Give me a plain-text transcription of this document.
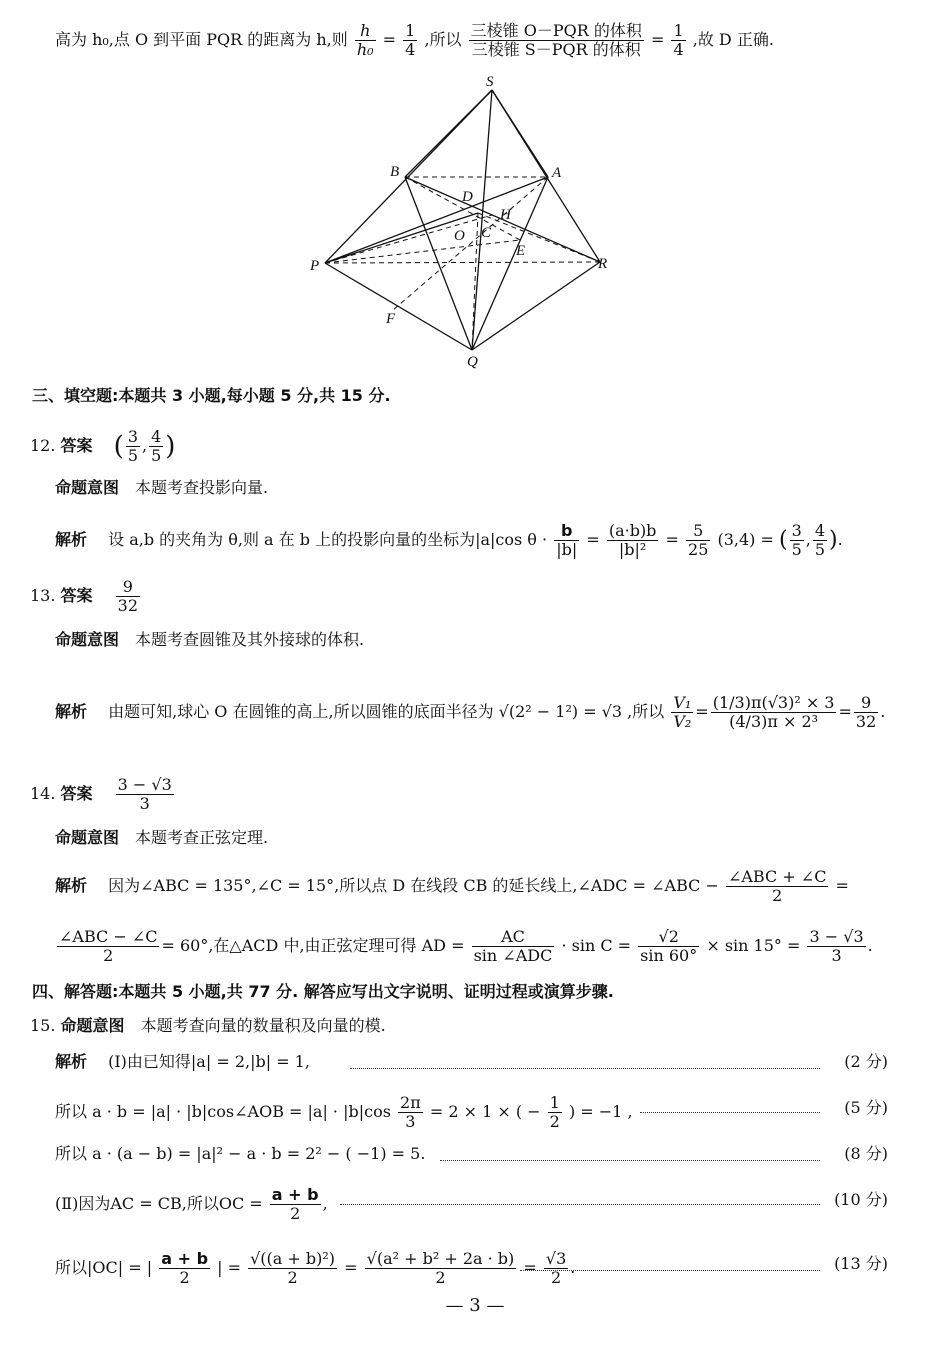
高为 h₀,点 O 到平面 PQR 的距离为 h,则 $\frac{h}{\text{h₀}} = \frac{1}{4}$ ,所以 $\frac{\text{三棱锥 O－PQR 的体积}}{\text{三棱锥 S－PQR 的体积}} = \frac{1}{4}$ ,故 D 正确.
S
B	A
D
H
O C
E
P	R
F
Q
三、填空题:本题共 3 小题,每小题 5 分,共 15 分.
12. 答案 ( $\frac{3}{5}$ , $\frac{4}{5}$ )
命题意图 本题考查投影向量.
解析 设 a,b 的夹角为 θ,则 a 在 b 上的投影向量的坐标为|a|cos $\theta \cdot \frac{b}{|b|} = \frac{(a\cdot b)b}{\text{|b|²}} = \frac{5}{25} (3,4)$ = ( $\frac{3}{5}$ , $\frac{4}{5}$ ).
13. 答案 $\frac{9}{32}$
命题意图 本题考查圆锥及其外接球的体积.
解析 由题可知,球心 O 在圆锥的高上,所以圆锥的底面半径为 √(2² − 1²) = √3 ,所以 $\frac{\text{V₁}}{\text{V₂}} = \frac{\text{(1/3)π(√3)² × 3}}{\text{(4/3)π × 2³}} = \frac{9}{32}$ .
14. 答案 $\frac{3 - √3}{3}$
命题意图 本题考查正弦定理.
解析 因为∠ABC = 135°,∠C = 15°,所以点 D 在线段 CB 的延长线上,∠ADC = ∠ABC − $\frac{\text{∠ABC + ∠C}}{2}$ =
$\frac{\text{∠ABC − ∠C}}{2} = 60^\circ$,在△ACD 中,由正弦定理可得 AD = $\frac{AC}{\text{sin ∠ADC}} \cdot \sin C = \frac{√2}{\sin 60^\circ} \times \sin 15^\circ = \frac{3 - √3}{3}$ .
四、解答题:本题共 5 小题,共 77 分. 解答应写出文字说明、证明过程或演算步骤.
15. 命题意图 本题考查向量的数量积及向量的模.
解析 (Ⅰ)由已知得|a| = 2,|b| = 1,	(2 分)
所以 a · b = |a| · |b|cos∠AOB = $|a| \cdot |b|\cos \frac{2\pi}{3} = 2 \times 1$ × ( − $\frac{1}{2}$ ) = −1 ,	(5 分)
所以 a · (a − b) = |a|² − a · b = 2² − ( −1) = 5.	(8 分)
(Ⅱ)因为AC = CB,所以OC = $\frac{a + b}{2}$ ,	(10 分)
所以|OC| = | $\frac{a + b}{2}$ | = $\frac{\text{√((a + b)²)}}{2} = \frac{\text{√(a² + b² + 2a · b)}}{2} = \frac{√3}{2}$ .	(13 分)
— 3 —
